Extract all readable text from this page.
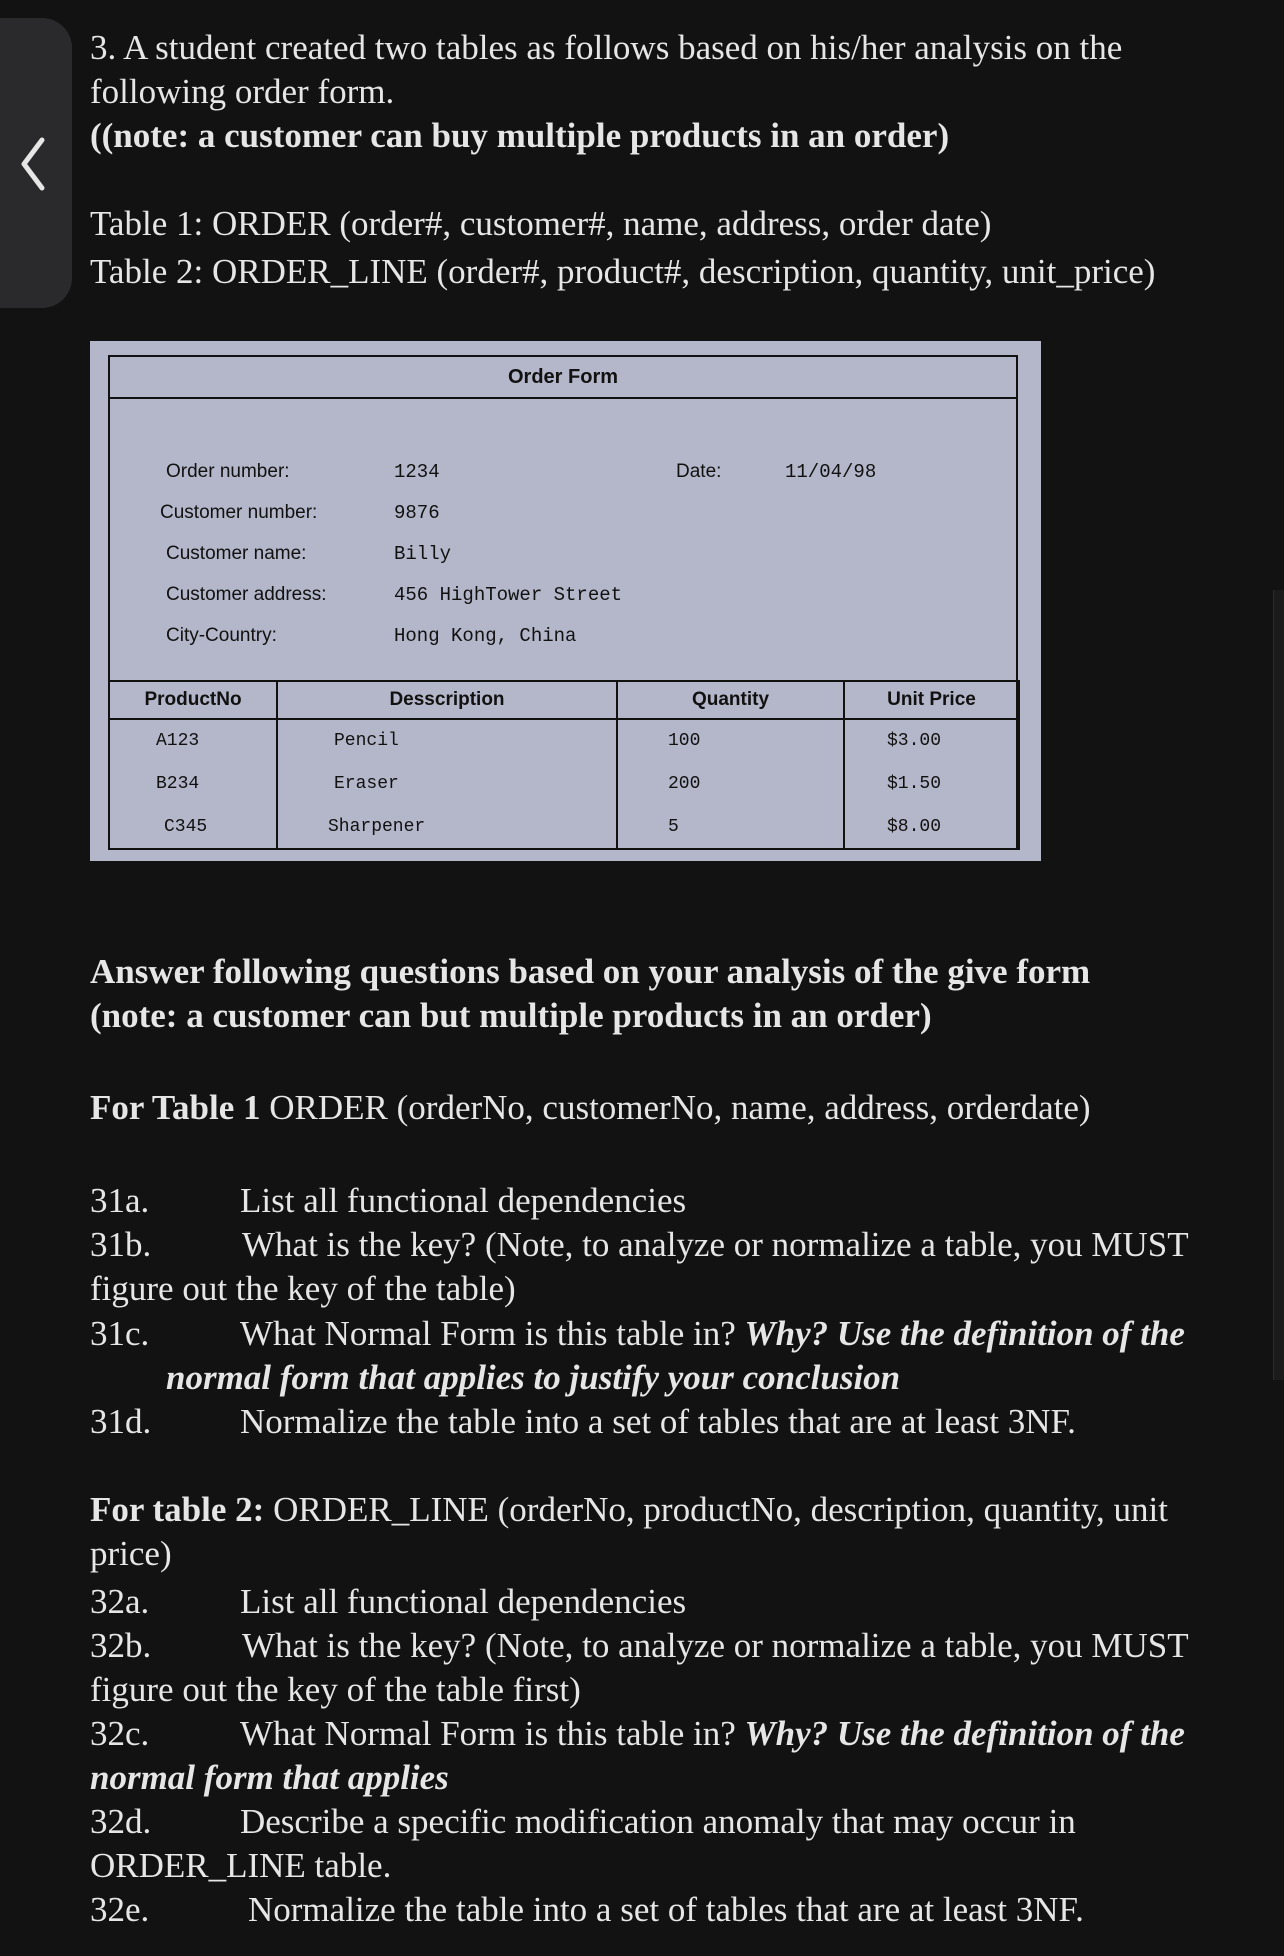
3. A student created two tables as follows based on his/her analysis on the
following order form.
((note: a customer can buy multiple products in an order)
Table 1: ORDER (order#, customer#, name, address, order date)
Table 2: ORDER_LINE (order#, product#, description, quantity, unit_price)
Order Form
Order number:	1234	Date:	11/04/98
Customer number:	9876
Customer name:	Billy
Customer address:	456 HighTower Street
City-Country:	Hong Kong, China
ProductNo	Desscription	Quantity	Unit Price
A123	Pencil	100	$3.00
B234	Eraser	200	$1.50
C345	Sharpener	5	$8.00
Answer following questions based on your analysis of the give form
(note: a customer can but multiple products in an order)
For Table 1 ORDER (orderNo, customerNo, name, address, orderdate)
31a.	List all functional dependencies
31b.	What is the key? (Note, to analyze or normalize a table, you MUST
figure out the key of the table)
31c.	What Normal Form is this table in? Why? Use the definition of the
normal form that applies to justify your conclusion
31d.	Normalize the table into a set of tables that are at least 3NF.
For table 2: ORDER_LINE (orderNo, productNo, description, quantity, unit
price)
32a.	List all functional dependencies
32b.	What is the key? (Note, to analyze or normalize a table, you MUST
figure out the key of the table first)
32c.	What Normal Form is this table in? Why? Use the definition of the
normal form that applies
32d.	Describe a specific modification anomaly that may occur in
ORDER_LINE table.
32e.	Normalize the table into a set of tables that are at least 3NF.
